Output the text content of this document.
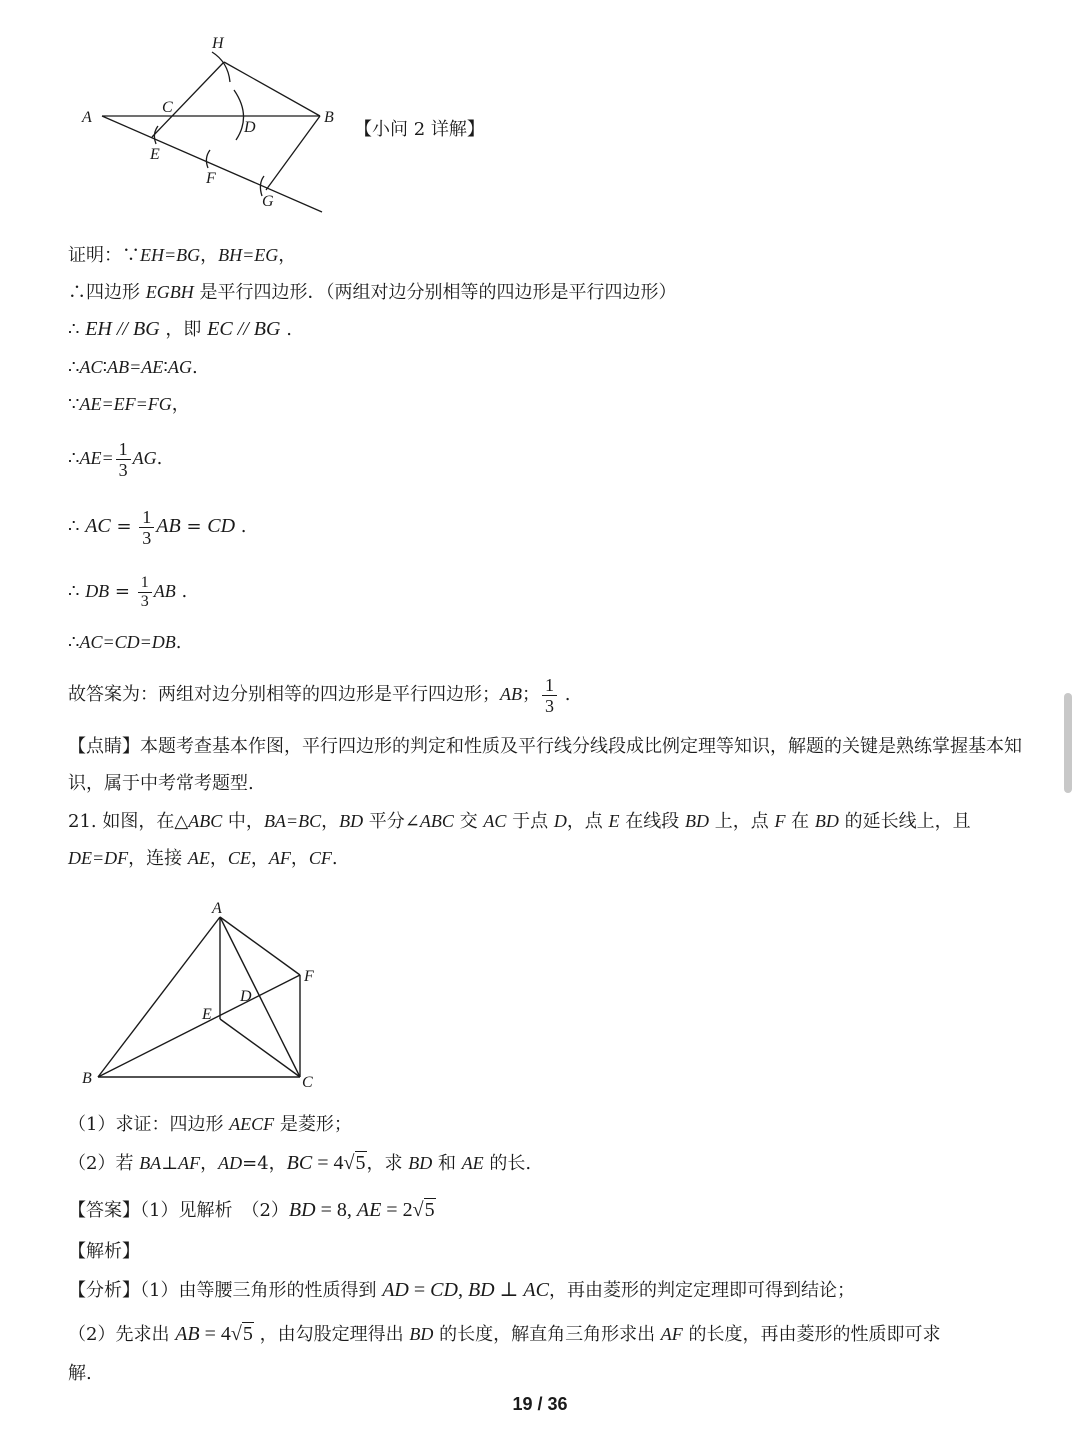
H
A
C
D
B
E
F
G
【小问 2 详解】
证明：∵EH=BG，BH=EG，
∴四边形 EGBH 是平行四边形．（两组对边分别相等的四边形是平行四边形）
∴ EH // BG ，即 EC // BG .
∴AC∶AB=AE∶AG.
∵AE=EF=FG，
∴AE= $\frac{1}{3}$ AG.
∴ AC = $\frac{1}{3}$ AB = CD .
∴ DB = $\frac{1}{3}$ AB .
∴AC=CD=DB.
故答案为：两组对边分别相等的四边形是平行四边形；AB； $\frac{1}{3}$ .
【点睛】本题考查基本作图，平行四边形的判定和性质及平行线分线段成比例定理等知识，解题的关键是熟练掌握基本知识，属于中考常考题型.
21. 如图，在△ABC 中，BA=BC，BD 平分∠ABC 交 AC 于点 D，点 E 在线段 BD 上，点 F 在 BD 的延长线上，且
DE=DF，连接 AE，CE，AF，CF.
A
F
D
E
B	C
（1）求证：四边形 AECF 是菱形；
（2）若 BA⊥AF，AD=4，BC = 4√5，求 BD 和 AE 的长.
【答案】（1）见解析　（2）BD = 8, AE = 2√5
【解析】
【分析】（1）由等腰三角形的性质得到 AD = CD, BD ⊥ AC，再由菱形的判定定理即可得到结论；
（2）先求出 AB = 4√5 ，由勾股定理得出 BD 的长度，解直角三角形求出 AF 的长度，再由菱形的性质即可求
解.
19 / 36
